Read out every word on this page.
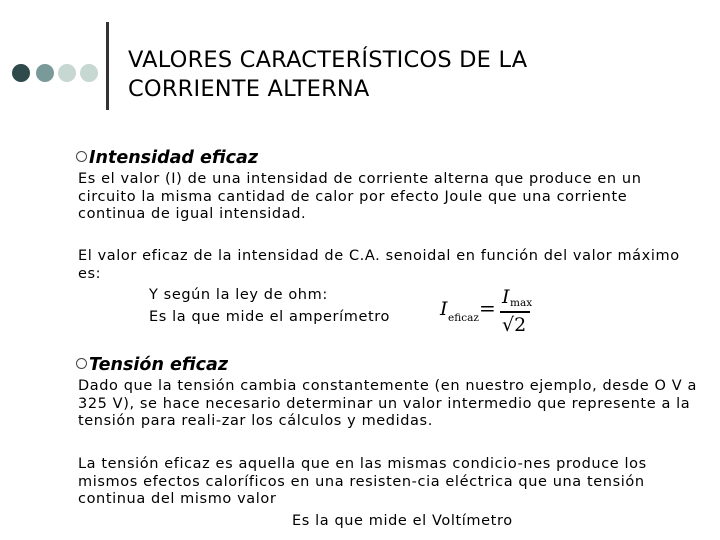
VALORES CARACTERÍSTICOS DE LA
CORRIENTE ALTERNA
Intensidad eficaz
Es el valor (I) de una intensidad de corriente alterna que produce en un circuito la misma cantidad de calor por efecto Joule que una corriente continua de igual intensidad.
El valor eficaz de la intensidad de C.A. senoidal en función del valor máximo es:
Y según la ley de ohm:
Es la que mide el amperímetro	I eficaz = I max
√2
Tensión eficaz
Dado que la tensión cambia constantemente (en nuestro ejemplo, desde O V a 325 V), se hace necesario determinar un valor intermedio que represente a la tensión para reali-zar los cálculos y medidas.
La tensión eficaz es aquella que en las mismas condicio-nes produce los mismos efectos caloríficos en una resisten-cia eléctrica que una tensión continua del mismo valor
Es la que mide el Voltímetro
